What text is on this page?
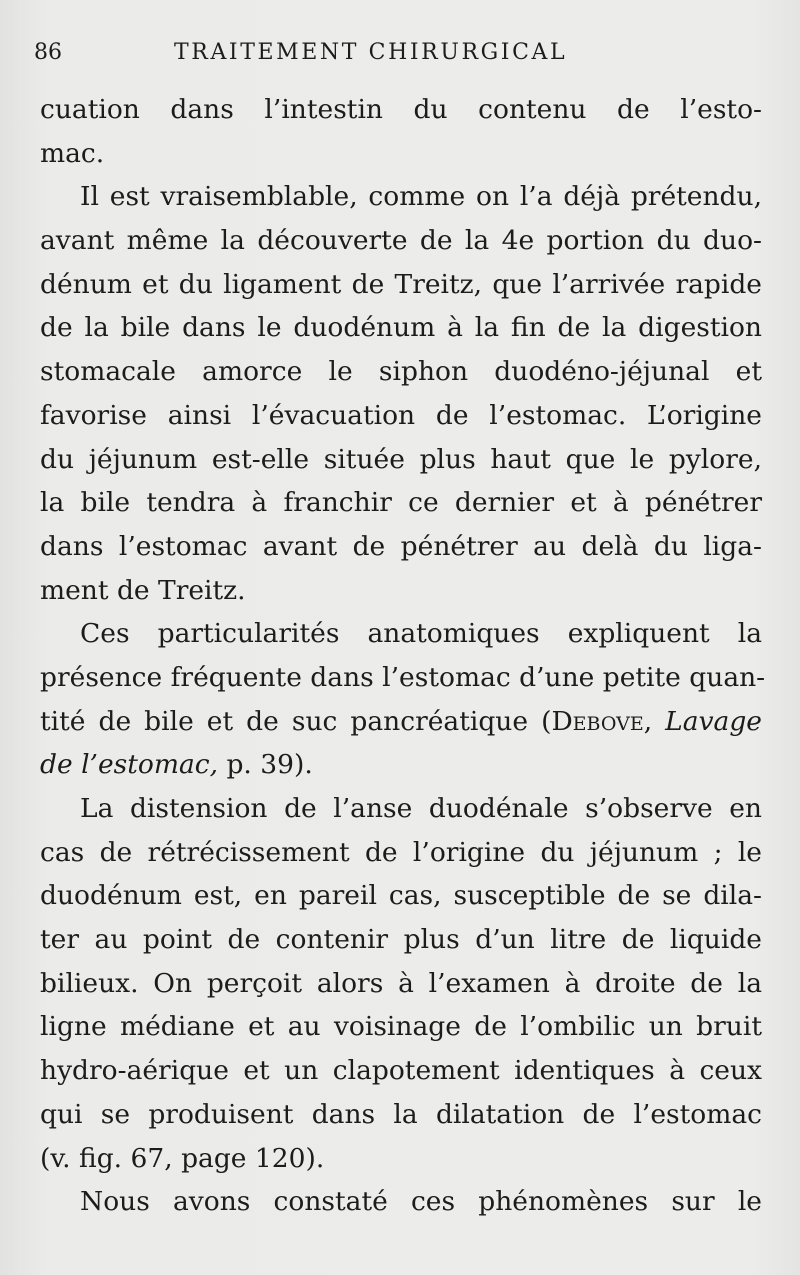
86	TRAITEMENT CHIRURGICAL
cuation dans l’intestin du contenu de l’esto-
mac.
Il est vraisemblable, comme on l’a déjà prétendu,
avant même la découverte de la 4e portion du duo-
dénum et du ligament de Treitz, que l’arrivée rapide
de la bile dans le duodénum à la fin de la digestion
stomacale amorce le siphon duodéno-jéjunal et
favorise ainsi l’évacuation de l’estomac. L’origine
du jéjunum est-elle située plus haut que le pylore,
la bile tendra à franchir ce dernier et à pénétrer
dans l’estomac avant de pénétrer au delà du liga-
ment de Treitz.
Ces particularités anatomiques expliquent la
présence fréquente dans l’estomac d’une petite quan-
tité de bile et de suc pancréatique (Debove, Lavage
de l’estomac, p. 39).
La distension de l’anse duodénale s’observe en
cas de rétrécissement de l’origine du jéjunum ; le
duodénum est, en pareil cas, susceptible de se dila-
ter au point de contenir plus d’un litre de liquide
bilieux. On perçoit alors à l’examen à droite de la
ligne médiane et au voisinage de l’ombilic un bruit
hydro-aérique et un clapotement identiques à ceux
qui se produisent dans la dilatation de l’estomac
(v. fig. 67, page 120).
Nous avons constaté ces phénomènes sur le
